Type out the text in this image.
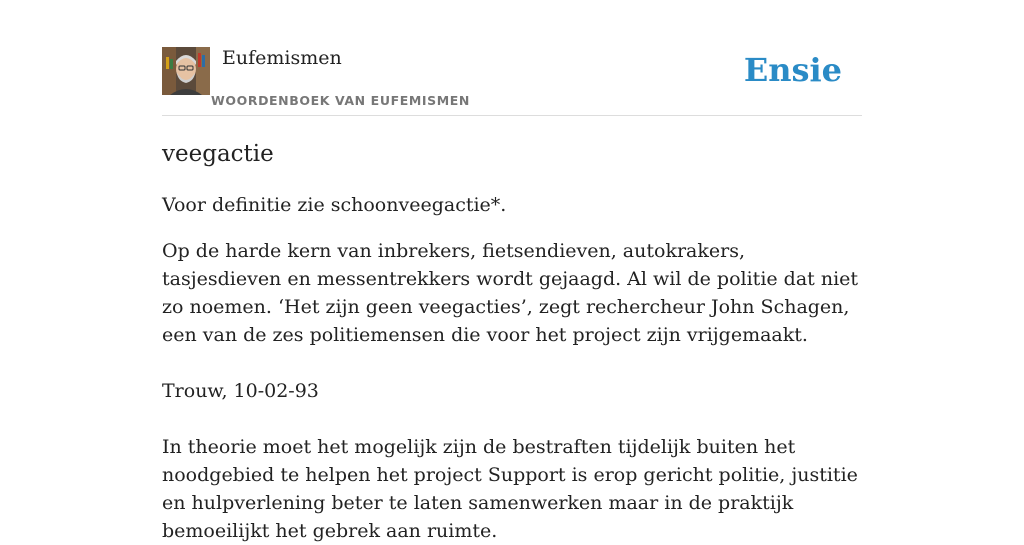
Eufemismen
WOORDENBOEK VAN EUFEMISMEN
Ensie
veegactie

Voor definitie zie schoonveegactie*.

Op de harde kern van inbrekers, fietsendieven, autokrakers, tasjesdieven en messentrekkers wordt gejaagd. Al wil de politie dat niet zo noemen. ‘Het zijn geen veegacties’, zegt rechercheur John Schagen, een van de zes politiemensen die voor het project zijn vrijgemaakt.

Trouw, 10-02-93

In theorie moet het mogelijk zijn de bestraften tijdelijk buiten het noodgebied te helpen het project Support is erop gericht politie, justitie en hulpverlening beter te laten samenwerken maar in de praktijk bemoeilijkt het gebrek aan ruimte.
